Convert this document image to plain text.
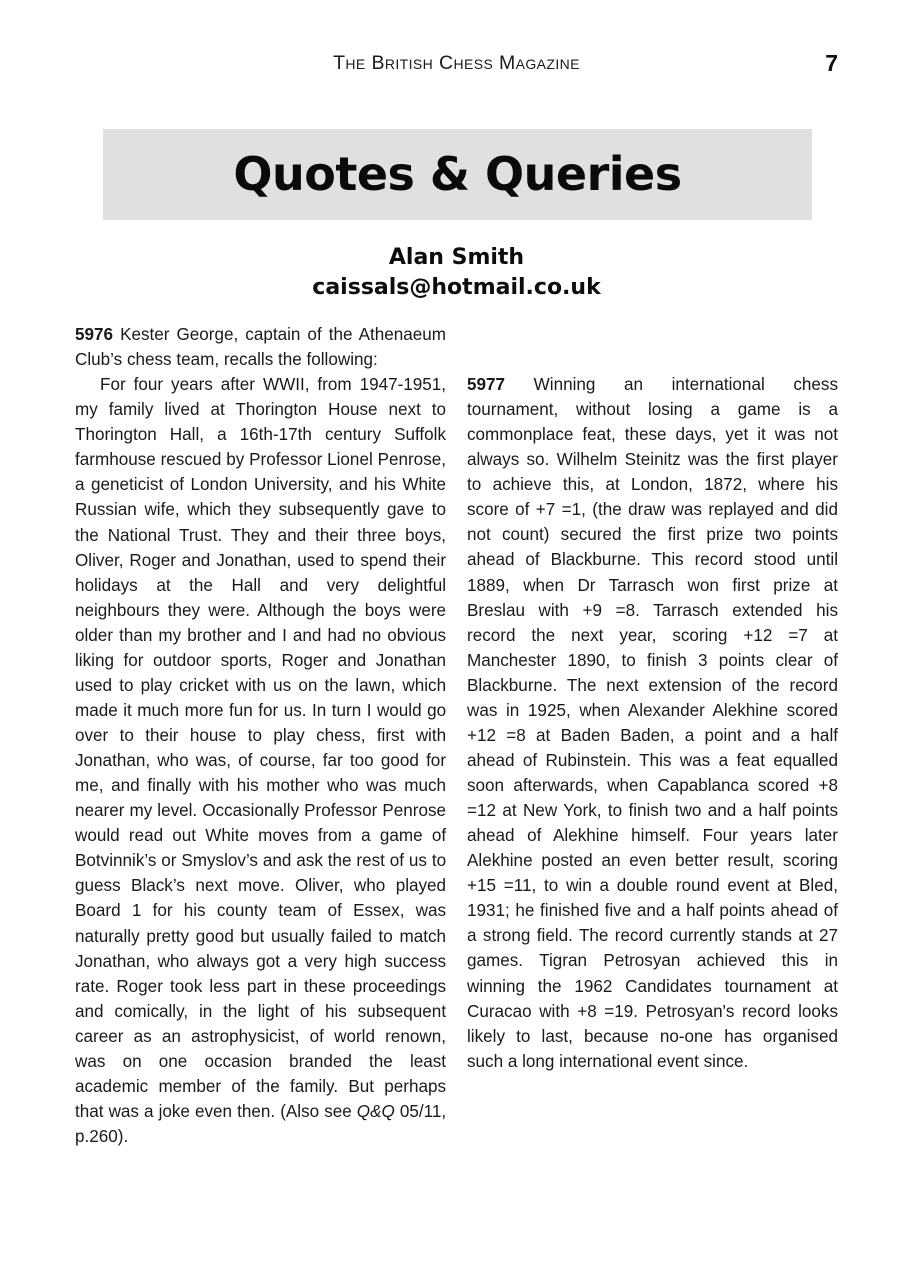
The British Chess Magazine	7
Quotes & Queries
Alan Smith
caissals@hotmail.co.uk

5976 Kester George, captain of the Athenaeum Club’s chess team, recalls the following:

For four years after WWII, from 1947-1951, my family lived at Thorington House next to Thorington Hall, a 16th-17th century Suffolk farmhouse rescued by Professor Lionel Penrose, a geneticist of London University, and his White Russian wife, which they subsequently gave to the National Trust. They and their three boys, Oliver, Roger and Jonathan, used to spend their holidays at the Hall and very delightful neighbours they were. Although the boys were older than my brother and I and had no obvious liking for outdoor sports, Roger and Jonathan used to play cricket with us on the lawn, which made it much more fun for us. In turn I would go over to their house to play chess, first with Jonathan, who was, of course, far too good for me, and finally with his mother who was much nearer my level. Occasionally Professor Penrose would read out White moves from a game of Botvinnik’s or Smyslov’s and ask the rest of us to guess Black’s next move. Oliver, who played Board 1 for his county team of Essex, was naturally pretty good but usually failed to match Jonathan, who always got a very high success rate. Roger took less part in these proceedings and comically, in the light of his subsequent career as an astrophysicist, of world renown, was on one occasion branded the least academic member of the family. But perhaps that was a joke even then. (Also see Q&Q 05/11, p.260).

5977 Winning an international chess tournament, without losing a game is a commonplace feat, these days, yet it was not always so. Wilhelm Steinitz was the first player to achieve this, at London, 1872, where his score of +7 =1, (the draw was replayed and did not count) secured the first prize two points ahead of Blackburne. This record stood until 1889, when Dr Tarrasch won first prize at Breslau with +9 =8. Tarrasch extended his record the next year, scoring +12 =7 at Manchester 1890, to finish 3 points clear of Blackburne. The next extension of the record was in 1925, when Alexander Alekhine scored +12 =8 at Baden Baden, a point and a half ahead of Rubinstein. This was a feat equalled soon afterwards, when Capablanca scored +8 =12 at New York, to finish two and a half points ahead of Alekhine himself. Four years later Alekhine posted an even better result, scoring +15 =11, to win a double round event at Bled, 1931; he finished five and a half points ahead of a strong field. The record currently stands at 27 games. Tigran Petrosyan achieved this in winning the 1962 Candidates tournament at Curacao with +8 =19. Petrosyan's record looks likely to last, because no-one has organised such a long international event since.
